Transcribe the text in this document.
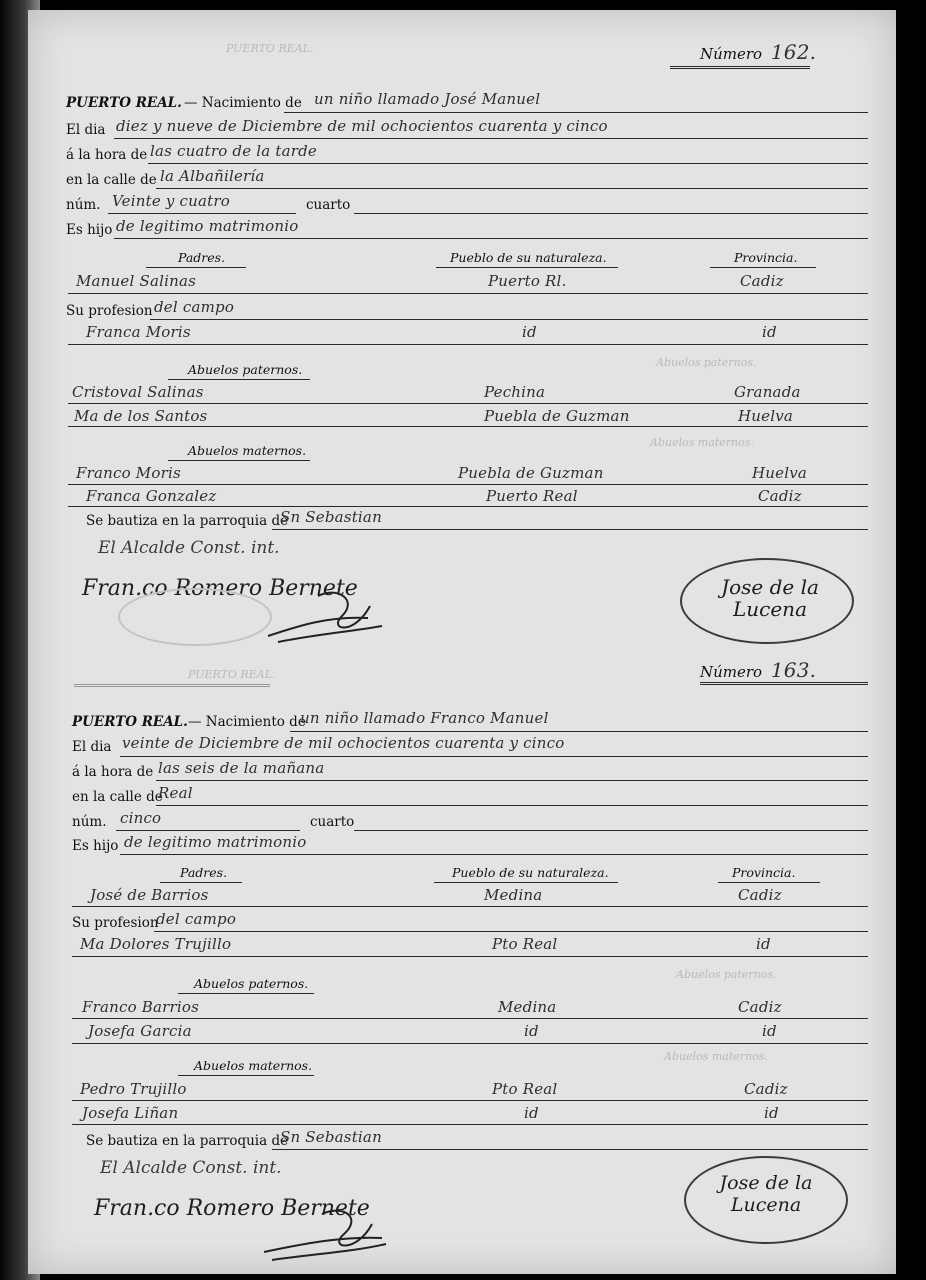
PUERTO REAL.
Abuelos paternos.
Abuelos maternos.
PUERTO REAL.
Abuelos paternos.
Abuelos maternos.
Número 162.
PUERTO REAL. — Nacimiento de un niño llamado José Manuel
El dia diez y nueve de Diciembre de mil ochocientos cuarenta y cinco
á la hora de las cuatro de la tarde
en la calle de la Albañilería
núm. Veinte y cuatro	cuarto
Es hijo de legitimo matrimonio
Padres.	Pueblo de su naturaleza.	Provincia.
Manuel Salinas	Puerto Rl.	Cadiz
Su profesion del campo
Franca Moris	id	id
Abuelos paternos.
Cristoval Salinas	Pechina	Granada
Ma de los Santos	Puebla de Guzman	Huelva
Abuelos maternos.
Franco Moris	Puebla de Guzman	Huelva
Franca Gonzalez	Puerto Real	Cadiz
Se bautiza en la parroquia de
Sn Sebastian
El Alcalde Const. int.
Fran.co Romero Bernete	Jose de la Lucena
Número 163.
PUERTO REAL. — Nacimiento de
un niño llamado Franco Manuel
El dia veinte de Diciembre de mil ochocientos cuarenta y cinco
á la hora de las seis de la mañana
en la calle de
Real
núm. cinco	cuarto
Es hijo de legitimo matrimonio
Padres.	Pueblo de su naturaleza.	Provincia.
José de Barrios	Medina	Cadiz
Su profesion
del campo
Ma Dolores Trujillo	Pto Real	id
Abuelos paternos.
Franco Barrios	Medina	Cadiz
Josefa Garcia	id	id
Abuelos maternos.
Pedro Trujillo	Pto Real	Cadiz
Josefa Liñan	id	id
Se bautiza en la parroquia de
Sn Sebastian
El Alcalde Const. int.
Fran.co Romero Bernete
Jose de la Lucena
